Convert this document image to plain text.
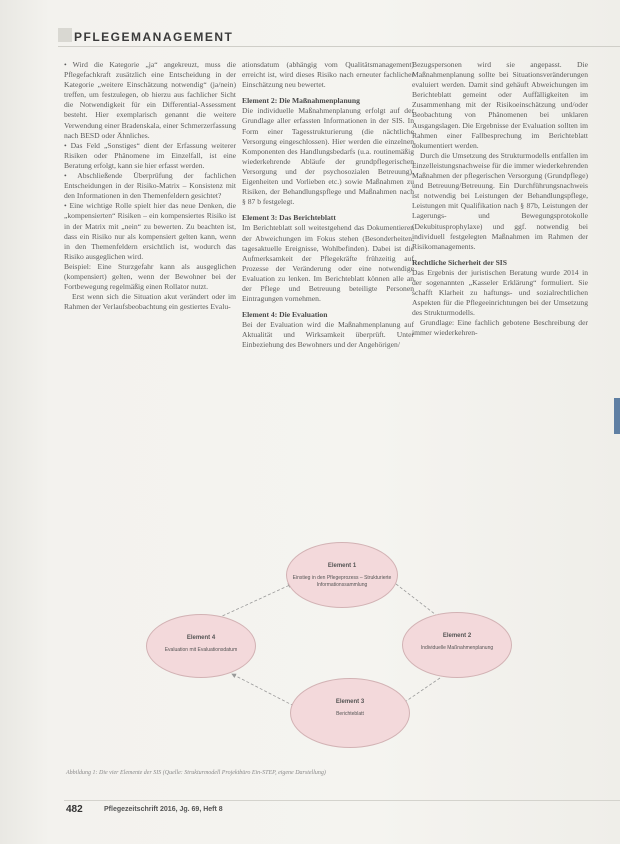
PFLEGEMANAGEMENT

• Wird die Kategorie „ja“ angekreuzt, muss die Pflegefachkraft zusätzlich eine Entscheidung in der Kategorie „weitere Einschätzung notwendig“ (ja/nein) treffen, um festzulegen, ob hierzu aus fachlicher Sicht die Notwendigkeit für ein Differential-Assessment besteht. Hier exemplarisch genannt die weitere Verwendung einer Bradenskala, einer Schmerzerfassung nach BESD oder Ähnliches.

• Das Feld „Sonstiges“ dient der Erfassung weiterer Risiken oder Phänomene im Einzelfall, ist eine Beratung erfolgt, kann sie hier erfasst werden.

• Abschließende Überprüfung der fachlichen Entscheidungen in der Risiko-Matrix – Konsistenz mit den Informationen in den Themenfeldern gesichtet?

• Eine wichtige Rolle spielt hier das neue Denken, die „kompensierten“ Risiken – ein kompensiertes Risiko ist in der Matrix mit „nein“ zu bewerten. Zu beachten ist, dass ein Risiko nur als kompensiert gelten kann, wenn in den Themenfeldern ersichtlich ist, wodurch das Risiko ausgeglichen wird.

Beispiel: Eine Sturzgefahr kann als ausgeglichen (kompensiert) gelten, wenn der Bewohner bei der Fortbewegung regelmäßig einen Rollator nutzt.

Erst wenn sich die Situation akut verändert oder im Rahmen der Verlaufsbeobachtung ein gestiertes Evalu-

ationsdatum (abhängig vom Qualitätsmanagement) erreicht ist, wird dieses Risiko nach erneuter fachlicher Einschätzung neu bewertet.

Element 2: Die Maßnahmenplanung

Die individuelle Maßnahmenplanung erfolgt auf der Grundlage aller erfassten Informationen in der SIS. In Form einer Tagesstrukturierung (die nächtliche Versorgung eingeschlossen). Hier werden die einzelnen Komponenten des Handlungsbedarfs (u.a. routinemäßig wiederkehrende Abläufe der grundpflegerischen Versorgung und der psychosozialen Betreuung), Eigenheiten und Vorlieben etc.) sowie Maßnahmen zu Risiken, der Behandlungspflege und Maßnahmen nach § 87 b festgelegt.

Element 3: Das Berichteblatt

Im Berichteblatt soll weitestgehend das Dokumentieren der Abweichungen im Fokus stehen (Besonderheiten, tagesaktuelle Ereignisse, Wohlbefinden). Dabei ist die Aufmerksamkeit der Pflegekräfte frühzeitig auf Prozesse der Veränderung oder eine notwendige Evaluation zu lenken. Im Berichteblatt können alle an der Pflege und Betreuung beteiligte Personen Eintragungen vornehmen.

Element 4: Die Evaluation

Bei der Evaluation wird die Maßnahmenplanung auf Aktualität und Wirksamkeit überprüft. Unter Einbeziehung des Bewohners und der Angehörigen/

Bezugspersonen wird sie angepasst. Die Maßnahmenplanung sollte bei Situationsveränderungen evaluiert werden. Damit sind gehäuft Abweichungen im Berichteblatt gemeint oder Auffälligkeiten im Zusammenhang mit der Risikoeinschätzung und/oder Beobachtung von Phänomenen bei unklaren Ausgangslagen. Die Ergebnisse der Evaluation sollten im Rahmen einer Fallbesprechung im Berichteblatt dokumentiert werden.

Durch die Umsetzung des Strukturmodells entfallen im Einzelleistungsnachweise für die immer wiederkehrenden Maßnahmen der pflegerischen Versorgung (Grundpflege) und Betreuung/Betreuung. Ein Durchführungsnachweis ist notwendig bei Leistungen der Behandlungspflege, Leistungen mit Qualifikation nach § 87b, Leistungen der Lagerungs- und Bewegungsprotokolle (Dekubitusprophylaxe) und ggf. notwendig bei individuell festgelegten Maßnahmen im Rahmen der Risikomanagements.

Rechtliche Sicherheit der SIS

Das Ergebnis der juristischen Beratung wurde 2014 in der sogenannten „Kasseler Erklärung“ formuliert. Sie schafft Klarheit zu haftungs- und sozialrechtlichen Aspekten für die Pflegeeinrichtungen bei der Umsetzung des Strukturmodells.

Grundlage: Eine fachlich gebotene Beschreibung der immer wiederkehren-

Element 1
Einstieg in den Pflegeprozess – Strukturierte Informationssammlung
Element 4
Evaluation mit Evaluationsdatum
Element 2
Individuelle Maßnahmenplanung
Element 3
Berichteblatt
Abbildung 1: Die vier Elemente der SIS (Quelle: Strukturmodell Projektbüro Ein-STEP, eigene Darstellung)
482	Pflegezeitschrift 2016, Jg. 69, Heft 8
